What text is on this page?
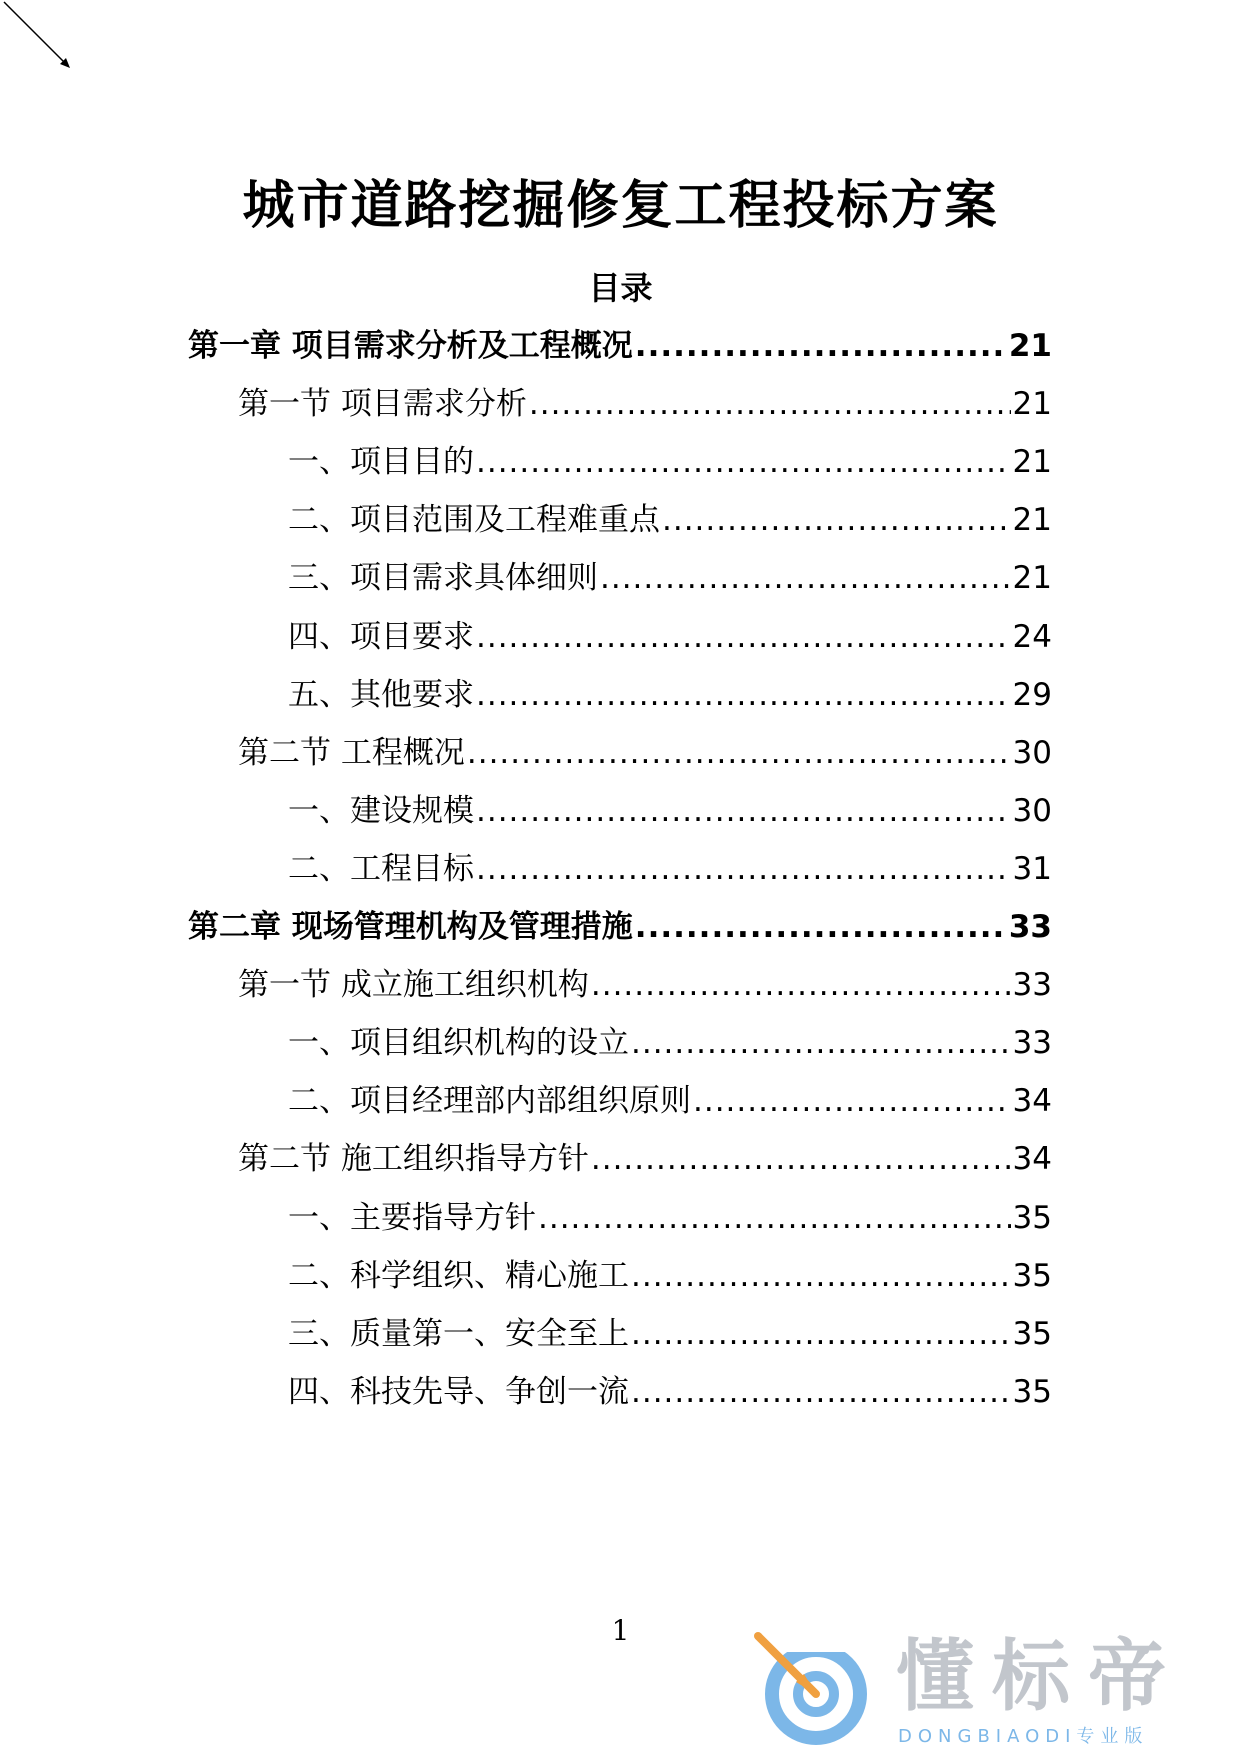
城市道路挖掘修复工程投标方案
目录
第一章 项目需求分析及工程概况 .....	21
第一节 项目需求分析 .....	21
一、项目目的 .....	21
二、项目范围及工程难重点 .....	21
三、项目需求具体细则 .....	21
四、项目要求 .....	24
五、其他要求 .....	29
第二节 工程概况 .....	30
一、建设规模 .....	30
二、工程目标 .....	31
第二章 现场管理机构及管理措施 .....	33
第一节 成立施工组织机构 .....	33
一、项目组织机构的设立 .....	33
二、项目经理部内部组织原则 .....	34
第二节 施工组织指导方针 .....	34
一、主要指导方针 .....	35
二、科学组织、精心施工 .....	35
三、质量第一、安全至上 .....	35
四、科技先导、争创一流 .....	35
1
懂标帝
DONGBIAODI专业版
